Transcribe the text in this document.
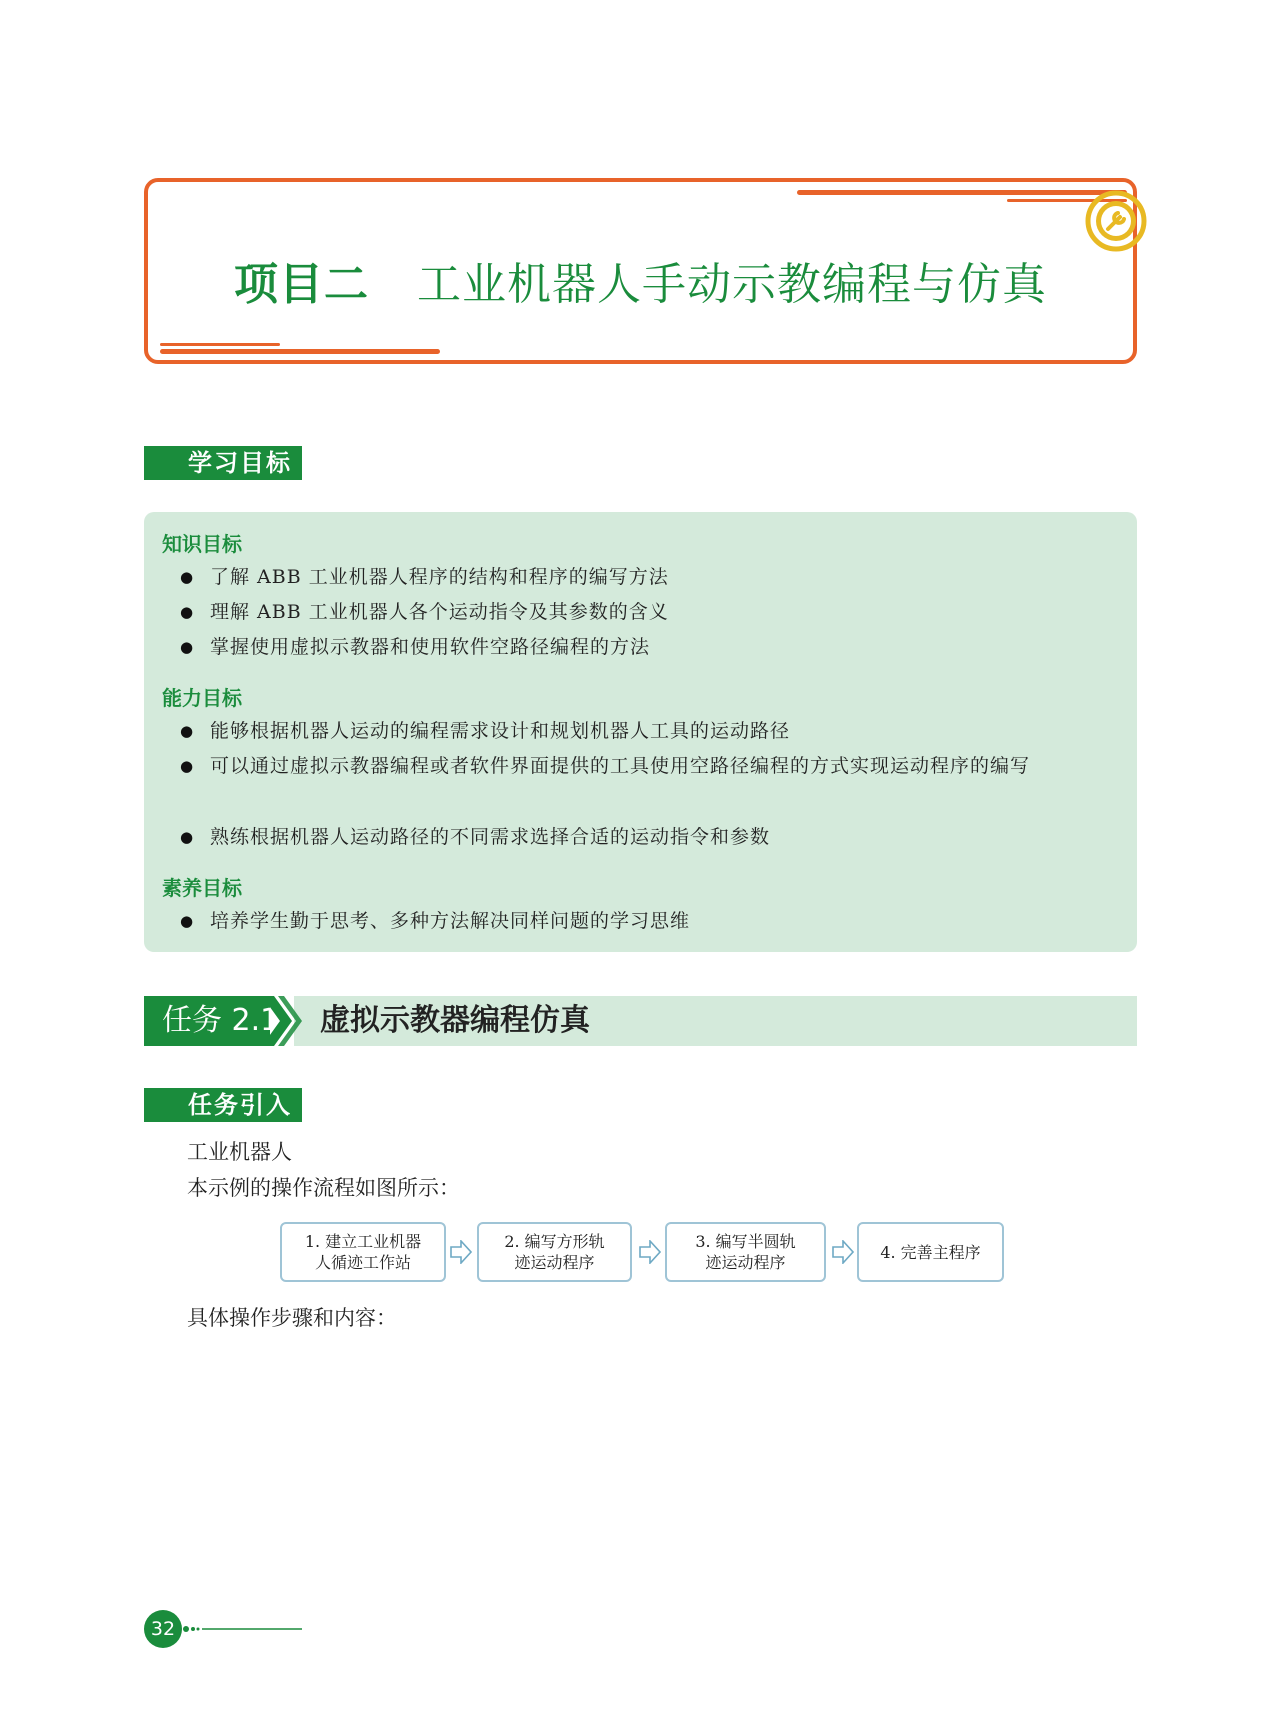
项目二 工业机器人手动示教编程与仿真
学习目标
知识目标
● 了解 ABB 工业机器人程序的结构和程序的编写方法
● 理解 ABB 工业机器人各个运动指令及其参数的含义
● 掌握使用虚拟示教器和使用软件空路径编程的方法
能力目标
● 能够根据机器人运动的编程需求设计和规划机器人工具的运动路径
● 可以通过虚拟示教器编程或者软件界面提供的工具使用空路径编程的方式实现运动程序的编写
● 熟练根据机器人运动路径的不同需求选择合适的运动指令和参数
素养目标
● 培养学生勤于思考、多种方法解决同样问题的学习思维
任务 2.1 虚拟示教器编程仿真
任务引入
工业机器人
本示例的操作流程如图所示：
1. 建立工业机器
人循迹工作站
2. 编写方形轨
迹运动程序
3. 编写半圆轨
迹运动程序
4. 完善主程序
具体操作步骤和内容：
32
